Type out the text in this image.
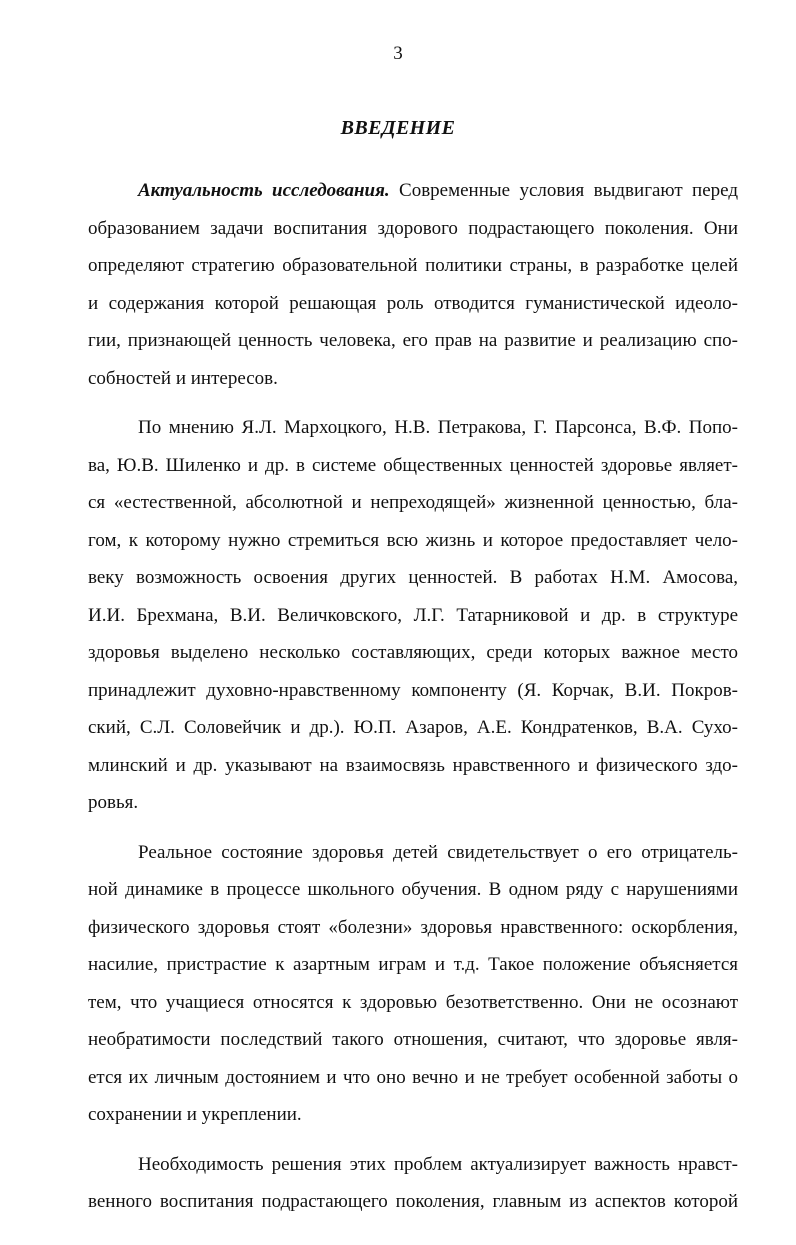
3
ВВЕДЕНИЕ

Актуальность исследования. Современные условия выдвигают перед
образованием задачи воспитания здорового подрастающего поколения. Они
определяют стратегию образовательной политики страны, в разработке целей
и содержания которой решающая роль отводится гуманистической идеоло-
гии, признающей ценность человека, его прав на развитие и реализацию спо-
собностей и интересов.

По мнению Я.Л. Мархоцкого, Н.В. Петракова, Г. Парсонса, В.Ф. Попо-
ва, Ю.В. Шиленко и др. в системе общественных ценностей здоровье являет-
ся «естественной, абсолютной и непреходящей» жизненной ценностью, бла-
гом, к которому нужно стремиться всю жизнь и которое предоставляет чело-
веку возможность освоения других ценностей. В работах Н.М. Амосова,
И.И. Брехмана, В.И. Величковского, Л.Г. Татарниковой и др. в структуре
здоровья выделено несколько составляющих, среди которых важное место
принадлежит духовно-нравственному компоненту (Я. Корчак, В.И. Покров-
ский, С.Л. Соловейчик и др.). Ю.П. Азаров, А.Е. Кондратенков, В.А. Сухо-
млинский и др. указывают на взаимосвязь нравственного и физического здо-
ровья.

Реальное состояние здоровья детей свидетельствует о его отрицатель-
ной динамике в процессе школьного обучения. В одном ряду с нарушениями
физического здоровья стоят «болезни» здоровья нравственного: оскорбления,
насилие, пристрастие к азартным играм и т.д. Такое положение объясняется
тем, что учащиеся относятся к здоровью безответственно. Они не осознают
необратимости последствий такого отношения, считают, что здоровье явля-
ется их личным достоянием и что оно вечно и не требует особенной заботы о
сохранении и укреплении.

Необходимость решения этих проблем актуализирует важность нравст-
венного воспитания подрастающего поколения, главным из аспектов которой
